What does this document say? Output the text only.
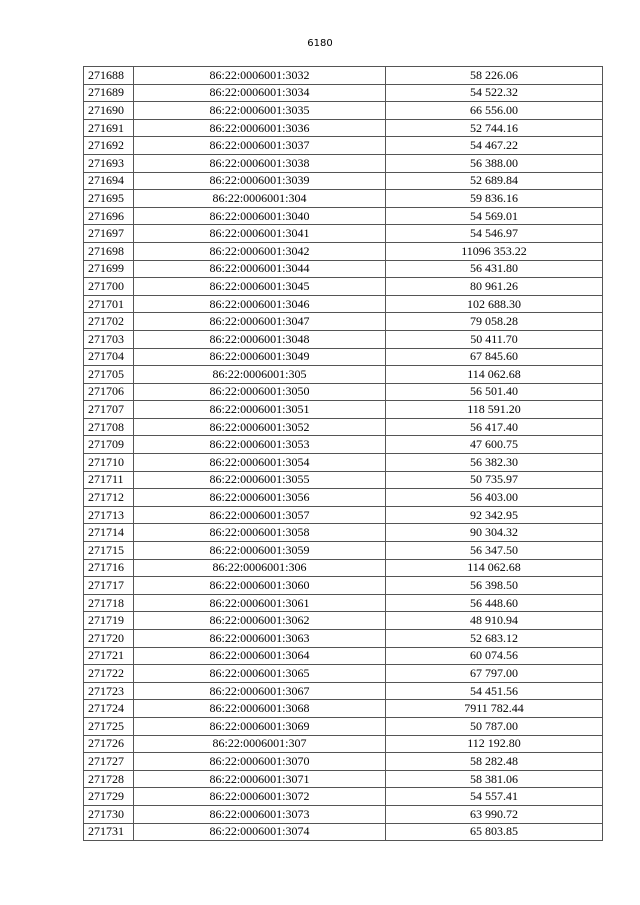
6180
271688	86:22:0006001:3032	58 226.06
271689	86:22:0006001:3034	54 522.32
271690	86:22:0006001:3035	66 556.00
271691	86:22:0006001:3036	52 744.16
271692	86:22:0006001:3037	54 467.22
271693	86:22:0006001:3038	56 388.00
271694	86:22:0006001:3039	52 689.84
271695	86:22:0006001:304	59 836.16
271696	86:22:0006001:3040	54 569.01
271697	86:22:0006001:3041	54 546.97
271698	86:22:0006001:3042	11096 353.22
271699	86:22:0006001:3044	56 431.80
271700	86:22:0006001:3045	80 961.26
271701	86:22:0006001:3046	102 688.30
271702	86:22:0006001:3047	79 058.28
271703	86:22:0006001:3048	50 411.70
271704	86:22:0006001:3049	67 845.60
271705	86:22:0006001:305	114 062.68
271706	86:22:0006001:3050	56 501.40
271707	86:22:0006001:3051	118 591.20
271708	86:22:0006001:3052	56 417.40
271709	86:22:0006001:3053	47 600.75
271710	86:22:0006001:3054	56 382.30
271711	86:22:0006001:3055	50 735.97
271712	86:22:0006001:3056	56 403.00
271713	86:22:0006001:3057	92 342.95
271714	86:22:0006001:3058	90 304.32
271715	86:22:0006001:3059	56 347.50
271716	86:22:0006001:306	114 062.68
271717	86:22:0006001:3060	56 398.50
271718	86:22:0006001:3061	56 448.60
271719	86:22:0006001:3062	48 910.94
271720	86:22:0006001:3063	52 683.12
271721	86:22:0006001:3064	60 074.56
271722	86:22:0006001:3065	67 797.00
271723	86:22:0006001:3067	54 451.56
271724	86:22:0006001:3068	7911 782.44
271725	86:22:0006001:3069	50 787.00
271726	86:22:0006001:307	112 192.80
271727	86:22:0006001:3070	58 282.48
271728	86:22:0006001:3071	58 381.06
271729	86:22:0006001:3072	54 557.41
271730	86:22:0006001:3073	63 990.72
271731	86:22:0006001:3074	65 803.85
